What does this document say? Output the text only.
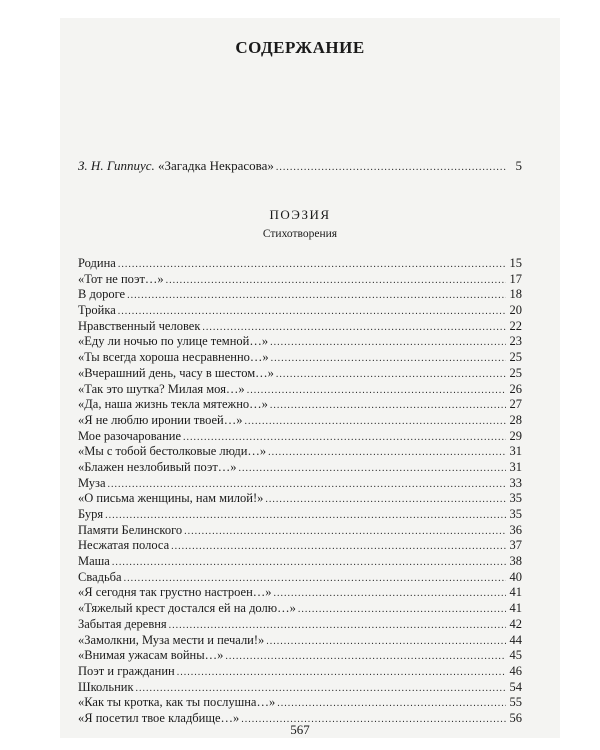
СОДЕРЖАНИЕ
З. Н. Гиппиус. «Загадка Некрасова» .....	5
ПОЭЗИЯ
Стихотворения
Родина .....	15
«Тот не поэт…» .....	17
В дороге .....	18
Тройка .....	20
Нравственный человек .....	22
«Еду ли ночью по улице темной…» .....	23
«Ты всегда хороша несравненно…» .....	25
«Вчерашний день, часу в шестом…» .....	25
«Так это шутка? Милая моя…» .....	26
«Да, наша жизнь текла мятежно…» .....	27
«Я не люблю иронии твоей…» .....	28
Мое разочарование .....	29
«Мы с тобой бестолковые люди…» .....	31
«Блажен незлобивый поэт…» .....	31
Муза .....	33
«О письма женщины, нам милой!» .....	35
Буря .....	35
Памяти Белинского .....	36
Несжатая полоса .....	37
Маша .....	38
Свадьба .....	40
«Я сегодня так грустно настроен…» .....	41
«Тяжелый крест достался ей на долю…» .....	41
Забытая деревня .....	42
«Замолкни, Муза мести и печали!» .....	44
«Внимая ужасам войны…» .....	45
Поэт и гражданин .....	46
Школьник .....	54
«Как ты кротка, как ты послушна…» .....	55
«Я посетил твое кладбище…» .....	56
567
